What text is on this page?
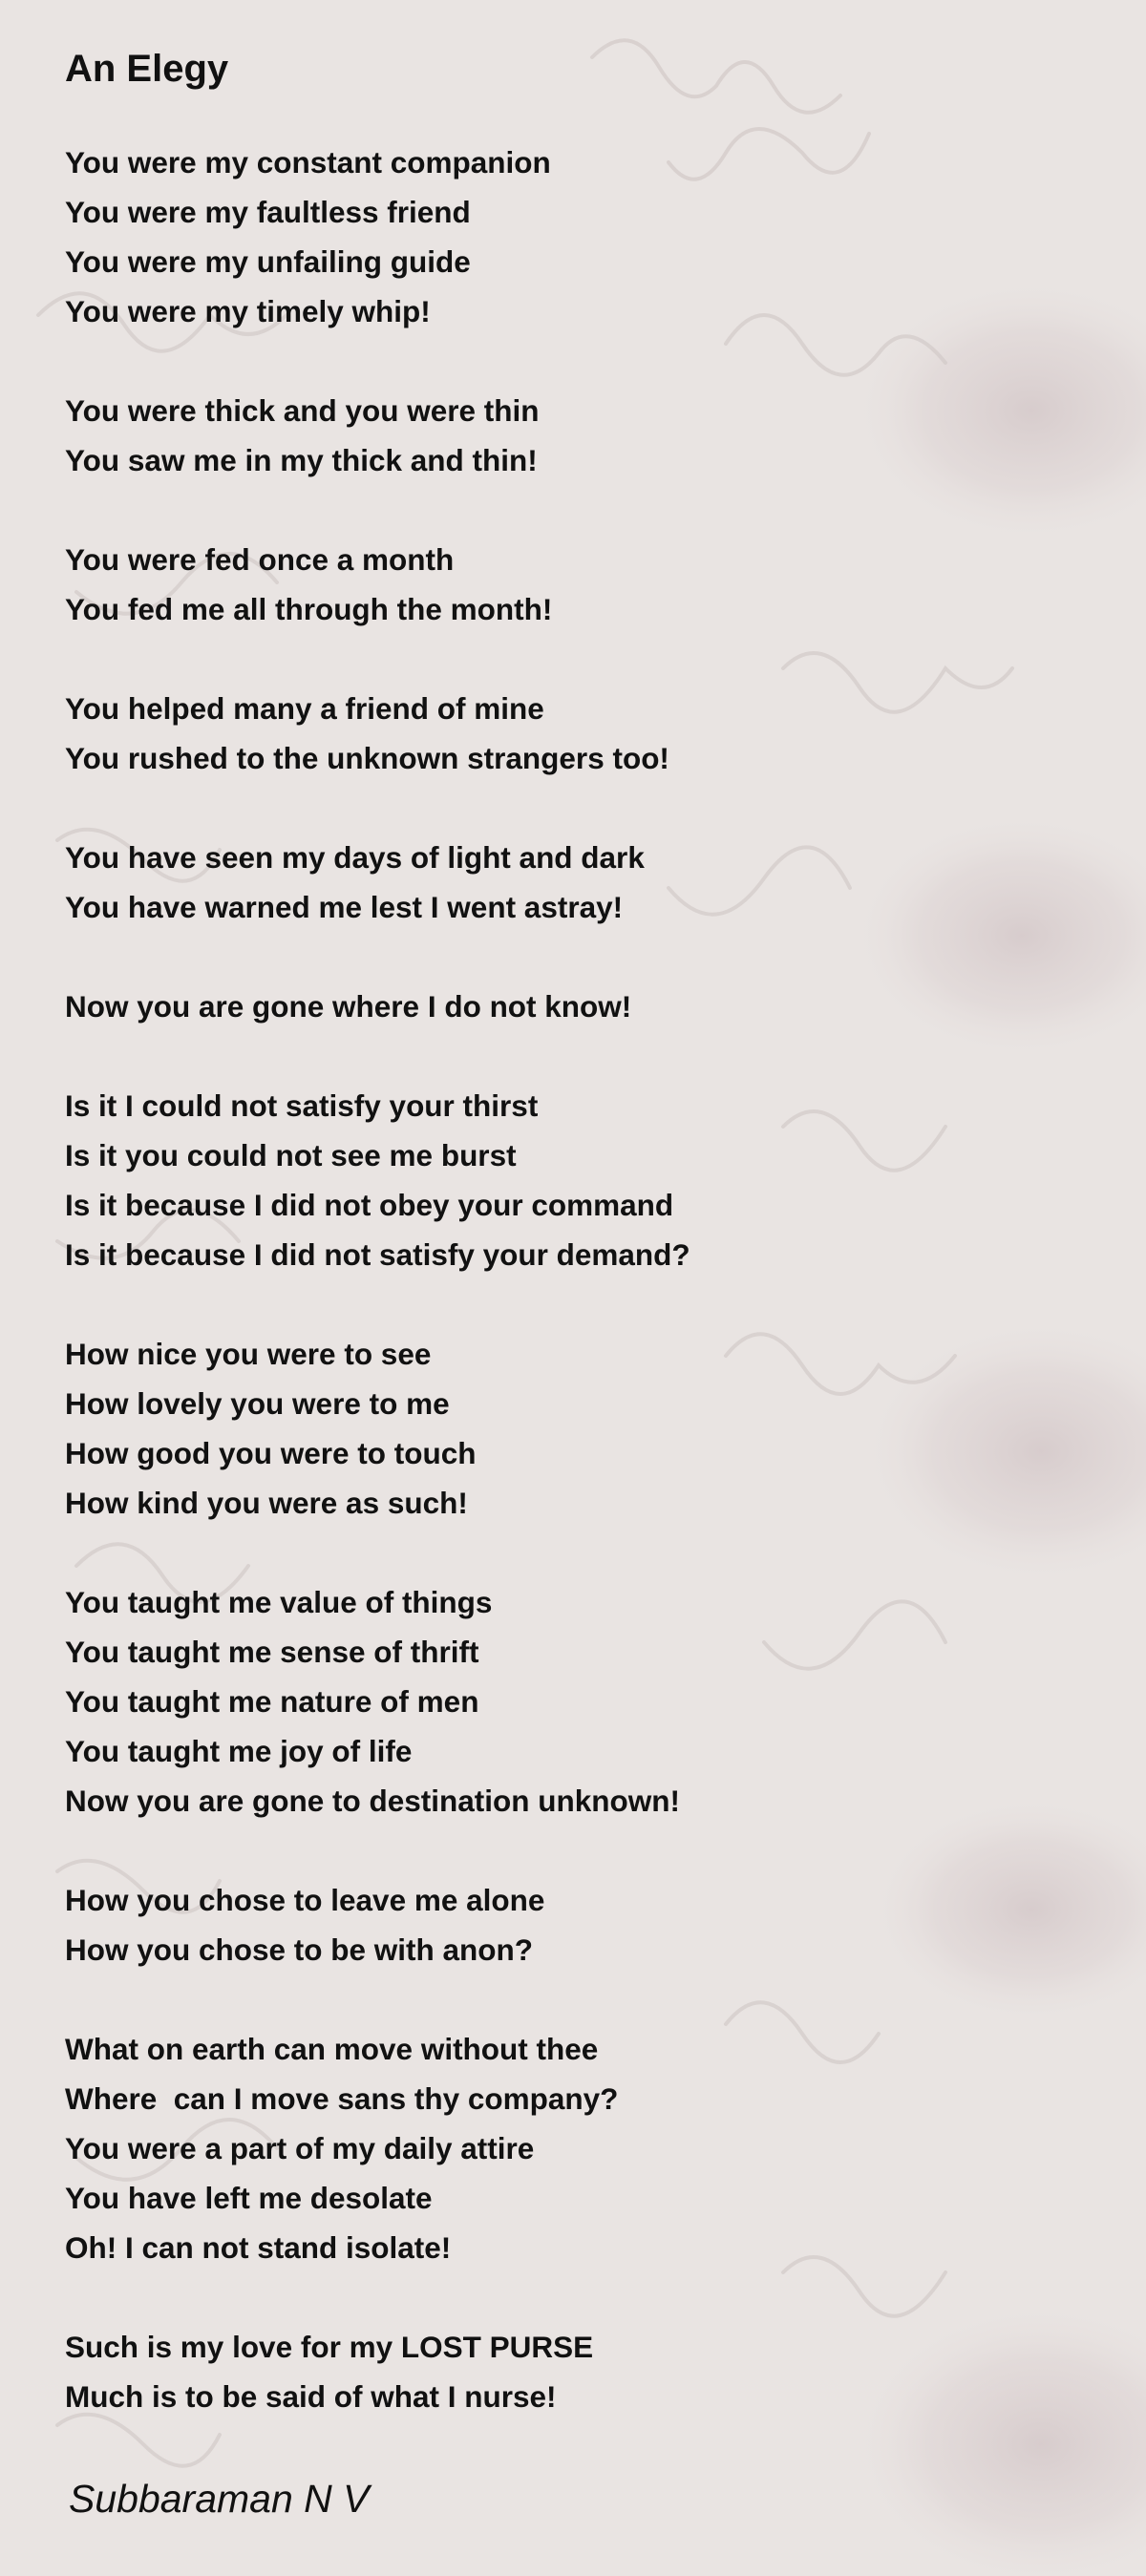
An Elegy
You were my constant companion
You were my faultless friend
You were my unfailing guide
You were my timely whip!
You were thick and you were thin
You saw me in my thick and thin!
You were fed once a month
You fed me all through the month!
You helped many a friend of mine
You rushed to the unknown strangers too!
You have seen my days of light and dark
You have warned me lest I went astray!
Now you are gone where I do not know!
Is it I could not satisfy your thirst
Is it you could not see me burst
Is it because I did not obey your command
Is it because I did not satisfy your demand?
How nice you were to see
How lovely you were to me
How good you were to touch
How kind you were as such!
You taught me value of things
You taught me sense of thrift
You taught me nature of men
You taught me joy of life
Now you are gone to destination unknown!
How you chose to leave me alone
How you chose to be with anon?
What on earth can move without thee
Where  can I move sans thy company?
You were a part of my daily attire
You have left me desolate
Oh! I can not stand isolate!
Such is my love for my LOST PURSE
Much is to be said of what I nurse!
Subbaraman N V
